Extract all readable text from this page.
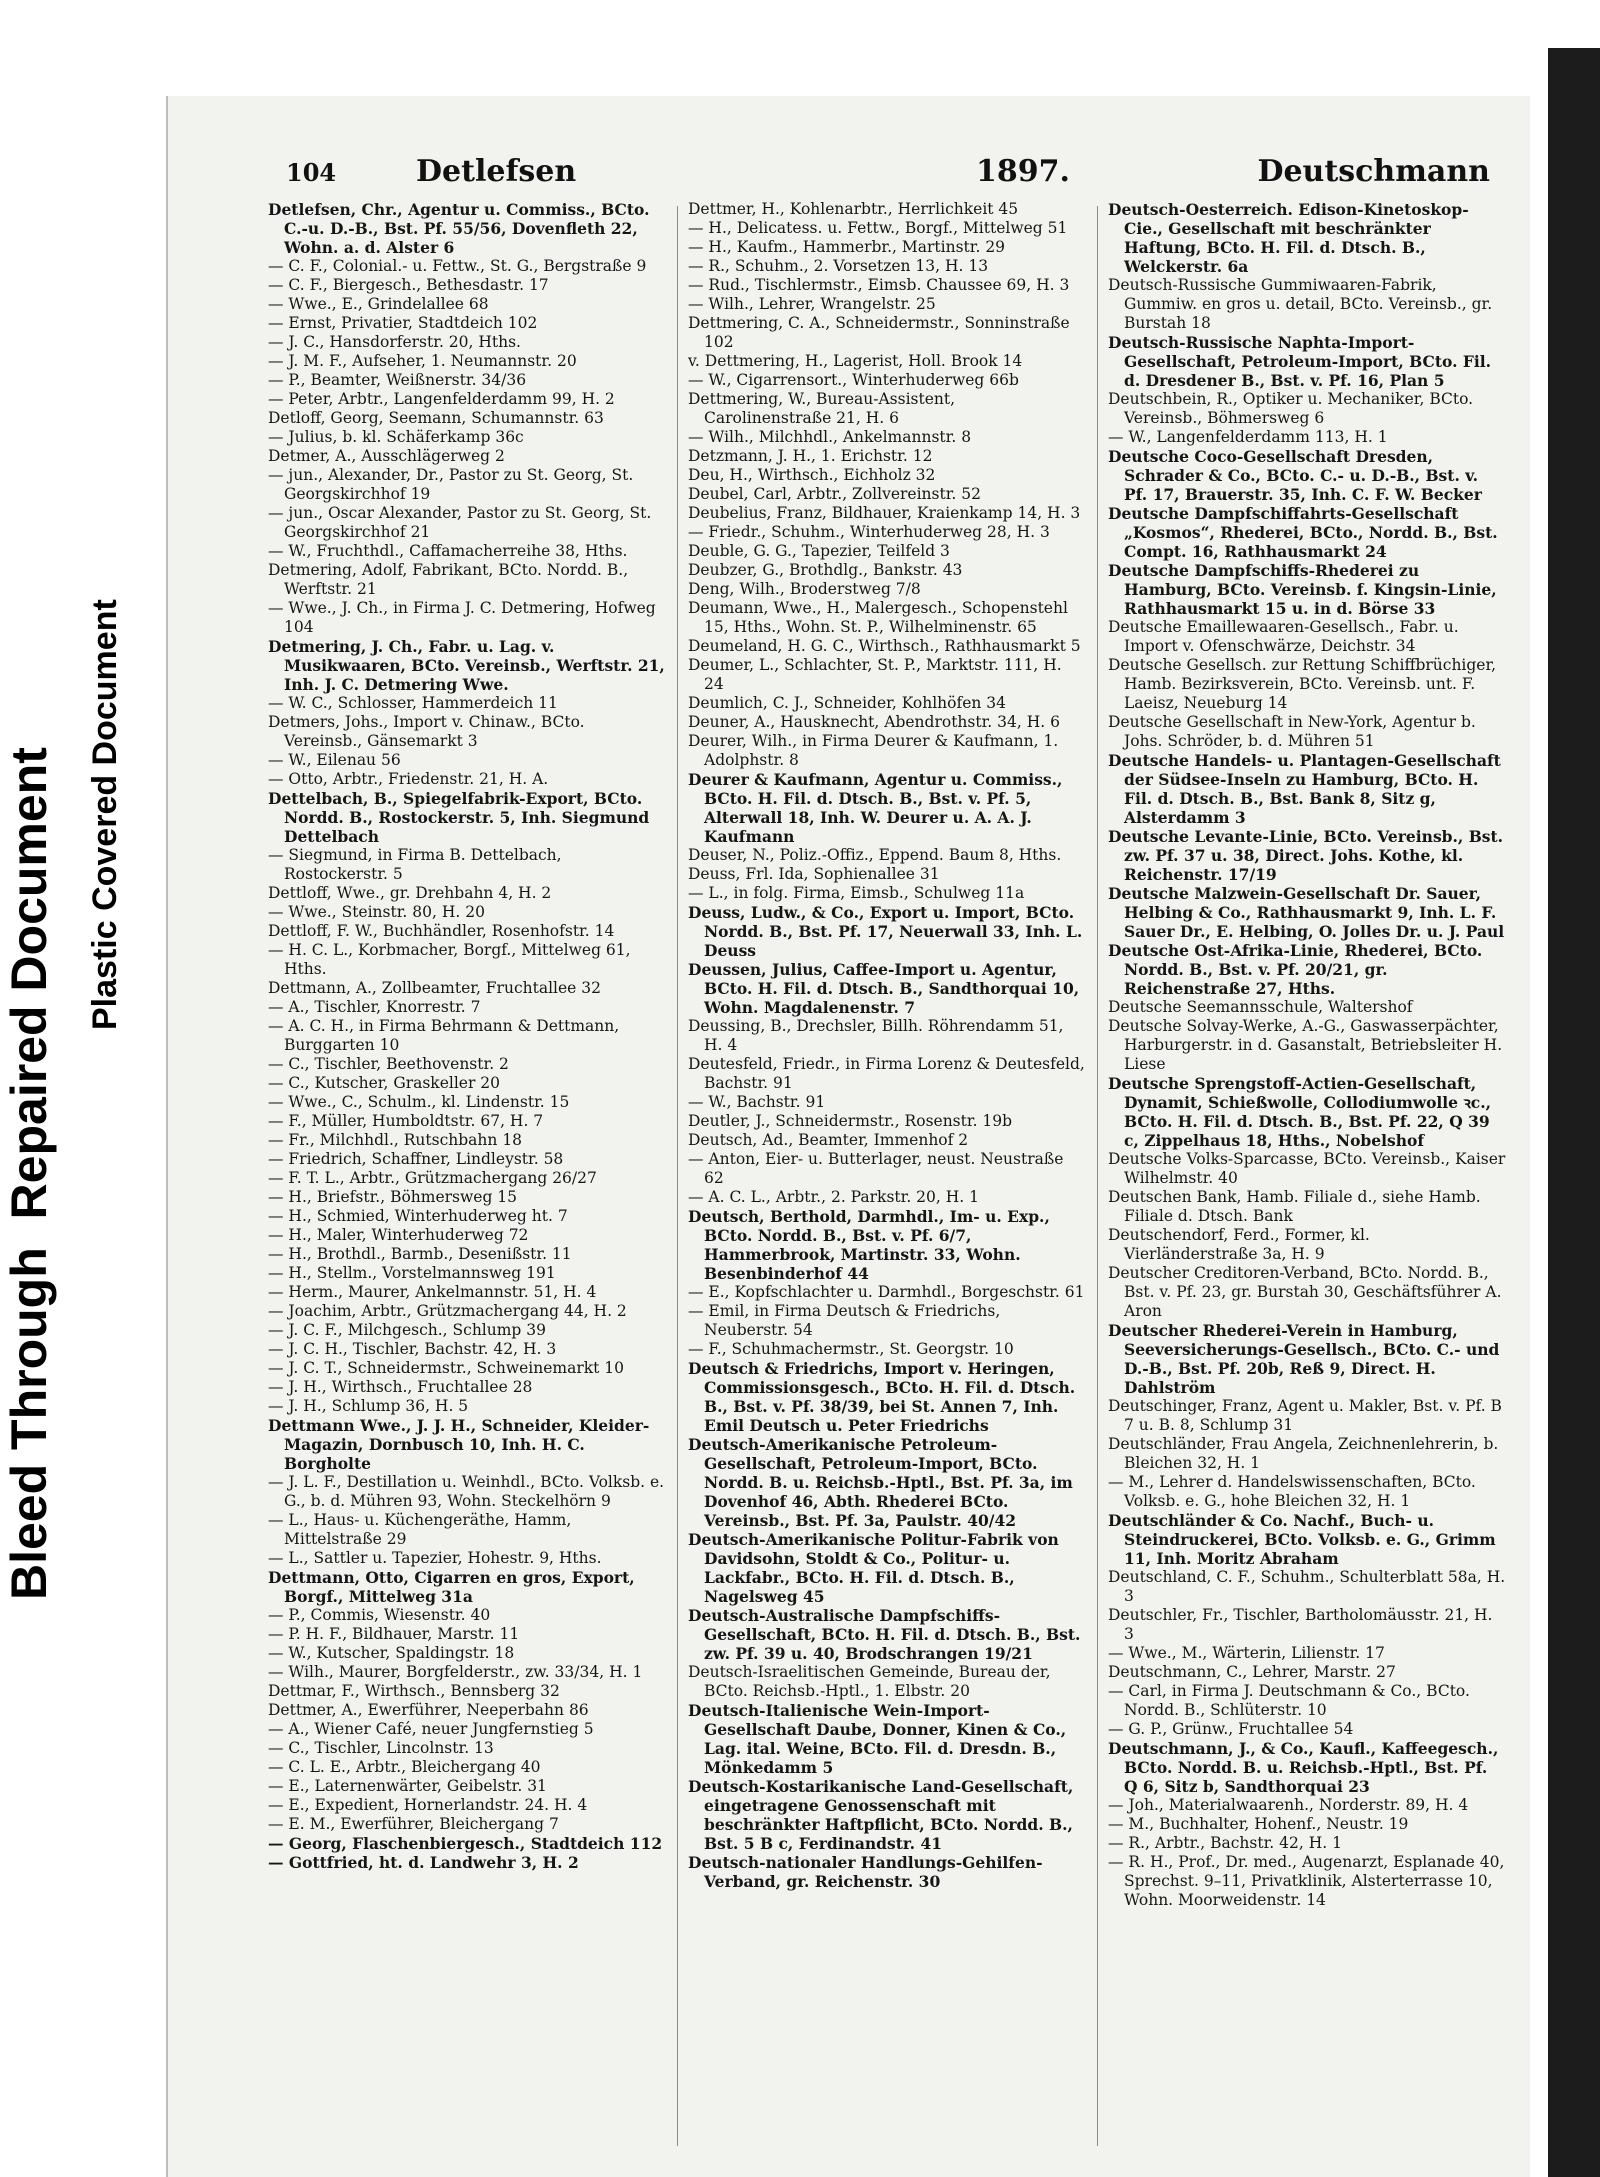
Bleed Through  Repaired Document Plastic Covered Document
104	Detlefsen	1897.	Deutschmann
Detlefsen, Chr., Agentur u. Commiss., BCto. C.-u. D.-B., Bst. Pf. 55/56, Dovenfleth 22, Wohn. a. d. Alster 6
— C. F., Colonial.- u. Fettw., St. G., Bergstraße 9
— C. F., Biergesch., Bethesdastr. 17
— Wwe., E., Grindelallee 68
— Ernst, Privatier, Stadtdeich 102
— J. C., Hansdorferstr. 20, Hths.
— J. M. F., Aufseher, 1. Neumannstr. 20
— P., Beamter, Weißnerstr. 34/36
— Peter, Arbtr., Langenfelderdamm 99, H. 2
Detloff, Georg, Seemann, Schumannstr. 63
— Julius, b. kl. Schäferkamp 36c
Detmer, A., Ausschlägerweg 2
— jun., Alexander, Dr., Pastor zu St. Georg, St. Georgskirchhof 19
— jun., Oscar Alexander, Pastor zu St. Georg, St. Georgskirchhof 21
— W., Fruchthdl., Caffamacherreihe 38, Hths.
Detmering, Adolf, Fabrikant, BCto. Nordd. B., Werftstr. 21
— Wwe., J. Ch., in Firma J. C. Detmering, Hofweg 104
Detmering, J. Ch., Fabr. u. Lag. v. Musikwaaren, BCto. Vereinsb., Werftstr. 21, Inh. J. C. Detmering Wwe.
— W. C., Schlosser, Hammerdeich 11
Detmers, Johs., Import v. Chinaw., BCto. Vereinsb., Gänsemarkt 3
— W., Eilenau 56
— Otto, Arbtr., Friedenstr. 21, H. A.
Dettelbach, B., Spiegelfabrik-Export, BCto. Nordd. B., Rostockerstr. 5, Inh. Siegmund Dettelbach
— Siegmund, in Firma B. Dettelbach, Rostockerstr. 5
Dettloff, Wwe., gr. Drehbahn 4, H. 2
— Wwe., Steinstr. 80, H. 20
Dettloff, F. W., Buchhändler, Rosenhofstr. 14
— H. C. L., Korbmacher, Borgf., Mittelweg 61, Hths.
Dettmann, A., Zollbeamter, Fruchtallee 32
— A., Tischler, Knorrestr. 7
— A. C. H., in Firma Behrmann & Dettmann, Burggarten 10
— C., Tischler, Beethovenstr. 2
— C., Kutscher, Graskeller 20
— Wwe., C., Schulm., kl. Lindenstr. 15
— F., Müller, Humboldtstr. 67, H. 7
— Fr., Milchhdl., Rutschbahn 18
— Friedrich, Schaffner, Lindleystr. 58
— F. T. L., Arbtr., Grützmachergang 26/27
— H., Briefstr., Böhmersweg 15
— H., Schmied, Winterhuderweg ht. 7
— H., Maler, Winterhuderweg 72
— H., Brothdl., Barmb., Desenißstr. 11
— H., Stellm., Vorstelmannsweg 191
— Herm., Maurer, Ankelmannstr. 51, H. 4
— Joachim, Arbtr., Grützmachergang 44, H. 2
— J. C. F., Milchgesch., Schlump 39
— J. C. H., Tischler, Bachstr. 42, H. 3
— J. C. T., Schneidermstr., Schweinemarkt 10
— J. H., Wirthsch., Fruchtallee 28
— J. H., Schlump 36, H. 5
Dettmann Wwe., J. J. H., Schneider, Kleider-Magazin, Dornbusch 10, Inh. H. C. Borgholte
— J. L. F., Destillation u. Weinhdl., BCto. Volksb. e. G., b. d. Mühren 93, Wohn. Steckelhörn 9
— L., Haus- u. Küchengeräthe, Hamm, Mittelstraße 29
— L., Sattler u. Tapezier, Hohestr. 9, Hths.
Dettmann, Otto, Cigarren en gros, Export, Borgf., Mittelweg 31a
— P., Commis, Wiesenstr. 40
— P. H. F., Bildhauer, Marstr. 11
— W., Kutscher, Spaldingstr. 18
— Wilh., Maurer, Borgfelderstr., zw. 33/34, H. 1
Dettmar, F., Wirthsch., Bennsberg 32
Dettmer, A., Ewerführer, Neeperbahn 86
— A., Wiener Café, neuer Jungfernstieg 5
— C., Tischler, Lincolnstr. 13
— C. L. E., Arbtr., Bleichergang 40
— E., Laternenwärter, Geibelstr. 31
— E., Expedient, Hornerlandstr. 24. H. 4
— E. M., Ewerführer, Bleichergang 7
— Georg, Flaschenbiergesch., Stadtdeich 112
— Gottfried, ht. d. Landwehr 3, H. 2
Dettmer, H., Kohlenarbtr., Herrlichkeit 45
— H., Delicatess. u. Fettw., Borgf., Mittelweg 51
— H., Kaufm., Hammerbr., Martinstr. 29
— R., Schuhm., 2. Vorsetzen 13, H. 13
— Rud., Tischlermstr., Eimsb. Chaussee 69, H. 3
— Wilh., Lehrer, Wrangelstr. 25
Dettmering, C. A., Schneidermstr., Sonninstraße 102
v. Dettmering, H., Lagerist, Holl. Brook 14
— W., Cigarrensort., Winterhuderweg 66b
Dettmering, W., Bureau-Assistent, Carolinenstraße 21, H. 6
— Wilh., Milchhdl., Ankelmannstr. 8
Detzmann, J. H., 1. Erichstr. 12
Deu, H., Wirthsch., Eichholz 32
Deubel, Carl, Arbtr., Zollvereinstr. 52
Deubelius, Franz, Bildhauer, Kraienkamp 14, H. 3
— Friedr., Schuhm., Winterhuderweg 28, H. 3
Deuble, G. G., Tapezier, Teilfeld 3
Deubzer, G., Brothdlg., Bankstr. 43
Deng, Wilh., Broderstweg 7/8
Deumann, Wwe., H., Malergesch., Schopenstehl 15, Hths., Wohn. St. P., Wilhelminenstr. 65
Deumeland, H. G. C., Wirthsch., Rathhausmarkt 5
Deumer, L., Schlachter, St. P., Marktstr. 111, H. 24
Deumlich, C. J., Schneider, Kohlhöfen 34
Deuner, A., Hausknecht, Abendrothstr. 34, H. 6
Deurer, Wilh., in Firma Deurer & Kaufmann, 1. Adolphstr. 8
Deurer & Kaufmann, Agentur u. Commiss., BCto. H. Fil. d. Dtsch. B., Bst. v. Pf. 5, Alterwall 18, Inh. W. Deurer u. A. A. J. Kaufmann
Deuser, N., Poliz.-Offiz., Eppend. Baum 8, Hths.
Deuss, Frl. Ida, Sophienallee 31
— L., in folg. Firma, Eimsb., Schulweg 11a
Deuss, Ludw., & Co., Export u. Import, BCto. Nordd. B., Bst. Pf. 17, Neuerwall 33, Inh. L. Deuss
Deussen, Julius, Caffee-Import u. Agentur, BCto. H. Fil. d. Dtsch. B., Sandthorquai 10, Wohn. Magdalenenstr. 7
Deussing, B., Drechsler, Billh. Röhrendamm 51, H. 4
Deutesfeld, Friedr., in Firma Lorenz & Deutesfeld, Bachstr. 91
— W., Bachstr. 91
Deutler, J., Schneidermstr., Rosenstr. 19b
Deutsch, Ad., Beamter, Immenhof 2
— Anton, Eier- u. Butterlager, neust. Neustraße 62
— A. C. L., Arbtr., 2. Parkstr. 20, H. 1
Deutsch, Berthold, Darmhdl., Im- u. Exp., BCto. Nordd. B., Bst. v. Pf. 6/7, Hammerbrook, Martinstr. 33, Wohn. Besenbinderhof 44
— E., Kopfschlachter u. Darmhdl., Borgeschstr. 61
— Emil, in Firma Deutsch & Friedrichs, Neuberstr. 54
— F., Schuhmachermstr., St. Georgstr. 10
Deutsch & Friedrichs, Import v. Heringen, Commissionsgesch., BCto. H. Fil. d. Dtsch. B., Bst. v. Pf. 38/39, bei St. Annen 7, Inh. Emil Deutsch u. Peter Friedrichs
Deutsch-Amerikanische Petroleum-Gesellschaft, Petroleum-Import, BCto. Nordd. B. u. Reichsb.-Hptl., Bst. Pf. 3a, im Dovenhof 46, Abth. Rhederei BCto. Vereinsb., Bst. Pf. 3a, Paulstr. 40/42
Deutsch-Amerikanische Politur-Fabrik von Davidsohn, Stoldt & Co., Politur- u. Lackfabr., BCto. H. Fil. d. Dtsch. B., Nagelsweg 45
Deutsch-Australische Dampfschiffs-Gesellschaft, BCto. H. Fil. d. Dtsch. B., Bst. zw. Pf. 39 u. 40, Brodschrangen 19/21
Deutsch-Israelitischen Gemeinde, Bureau der, BCto. Reichsb.-Hptl., 1. Elbstr. 20
Deutsch-Italienische Wein-Import-Gesellschaft Daube, Donner, Kinen & Co., Lag. ital. Weine, BCto. Fil. d. Dresdn. B., Mönkedamm 5
Deutsch-Kostarikanische Land-Gesellschaft, eingetragene Genossenschaft mit beschränkter Haftpflicht, BCto. Nordd. B., Bst. 5 B c, Ferdinandstr. 41
Deutsch-nationaler Handlungs-Gehilfen-Verband, gr. Reichenstr. 30
Deutsch-Oesterreich. Edison-Kinetoskop-Cie., Gesellschaft mit beschränkter Haftung, BCto. H. Fil. d. Dtsch. B., Welckerstr. 6a
Deutsch-Russische Gummiwaaren-Fabrik, Gummiw. en gros u. detail, BCto. Vereinsb., gr. Burstah 18
Deutsch-Russische Naphta-Import-Gesellschaft, Petroleum-Import, BCto. Fil. d. Dresdener B., Bst. v. Pf. 16, Plan 5
Deutschbein, R., Optiker u. Mechaniker, BCto. Vereinsb., Böhmersweg 6
— W., Langenfelderdamm 113, H. 1
Deutsche Coco-Gesellschaft Dresden, Schrader & Co., BCto. C.- u. D.-B., Bst. v. Pf. 17, Brauerstr. 35, Inh. C. F. W. Becker
Deutsche Dampfschiffahrts-Gesellschaft „Kosmos“, Rhederei, BCto., Nordd. B., Bst. Compt. 16, Rathhausmarkt 24
Deutsche Dampfschiffs-Rhederei zu Hamburg, BCto. Vereinsb. f. Kingsin-Linie, Rathhausmarkt 15 u. in d. Börse 33
Deutsche Emaillewaaren-Gesellsch., Fabr. u. Import v. Ofenschwärze, Deichstr. 34
Deutsche Gesellsch. zur Rettung Schiffbrüchiger, Hamb. Bezirksverein, BCto. Vereinsb. unt. F. Laeisz, Neueburg 14
Deutsche Gesellschaft in New-York, Agentur b. Johs. Schröder, b. d. Mühren 51
Deutsche Handels- u. Plantagen-Gesellschaft der Südsee-Inseln zu Hamburg, BCto. H. Fil. d. Dtsch. B., Bst. Bank 8, Sitz g, Alsterdamm 3
Deutsche Levante-Linie, BCto. Vereinsb., Bst. zw. Pf. 37 u. 38, Direct. Johs. Kothe, kl. Reichenstr. 17/19
Deutsche Malzwein-Gesellschaft Dr. Sauer, Helbing & Co., Rathhausmarkt 9, Inh. L. F. Sauer Dr., E. Helbing, O. Jolles Dr. u. J. Paul
Deutsche Ost-Afrika-Linie, Rhederei, BCto. Nordd. B., Bst. v. Pf. 20/21, gr. Reichenstraße 27, Hths.
Deutsche Seemannsschule, Waltershof
Deutsche Solvay-Werke, A.-G., Gaswasserpächter, Harburgerstr. in d. Gasanstalt, Betriebsleiter H. Liese
Deutsche Sprengstoff-Actien-Gesellschaft, Dynamit, Schießwolle, Collodiumwolle ꝛc., BCto. H. Fil. d. Dtsch. B., Bst. Pf. 22, Q 39 c, Zippelhaus 18, Hths., Nobelshof
Deutsche Volks-Sparcasse, BCto. Vereinsb., Kaiser Wilhelmstr. 40
Deutschen Bank, Hamb. Filiale d., siehe Hamb. Filiale d. Dtsch. Bank
Deutschendorf, Ferd., Former, kl. Vierländerstraße 3a, H. 9
Deutscher Creditoren-Verband, BCto. Nordd. B., Bst. v. Pf. 23, gr. Burstah 30, Geschäftsführer A. Aron
Deutscher Rhederei-Verein in Hamburg, Seeversicherungs-Gesellsch., BCto. C.- und D.-B., Bst. Pf. 20b, Reß 9, Direct. H. Dahlström
Deutschinger, Franz, Agent u. Makler, Bst. v. Pf. B 7 u. B. 8, Schlump 31
Deutschländer, Frau Angela, Zeichnenlehrerin, b. Bleichen 32, H. 1
— M., Lehrer d. Handelswissenschaften, BCto. Volksb. e. G., hohe Bleichen 32, H. 1
Deutschländer & Co. Nachf., Buch- u. Steindruckerei, BCto. Volksb. e. G., Grimm 11, Inh. Moritz Abraham
Deutschland, C. F., Schuhm., Schulterblatt 58a, H. 3
Deutschler, Fr., Tischler, Bartholomäusstr. 21, H. 3
— Wwe., M., Wärterin, Lilienstr. 17
Deutschmann, C., Lehrer, Marstr. 27
— Carl, in Firma J. Deutschmann & Co., BCto. Nordd. B., Schlüterstr. 10
— G. P., Grünw., Fruchtallee 54
Deutschmann, J., & Co., Kaufl., Kaffeegesch., BCto. Nordd. B. u. Reichsb.-Hptl., Bst. Pf. Q 6, Sitz b, Sandthorquai 23
— Joh., Materialwaarenh., Norderstr. 89, H. 4
— M., Buchhalter, Hohenf., Neustr. 19
— R., Arbtr., Bachstr. 42, H. 1
— R. H., Prof., Dr. med., Augenarzt, Esplanade 40, Sprechst. 9–11, Privatklinik, Alsterterrasse 10, Wohn. Moorweidenstr. 14
